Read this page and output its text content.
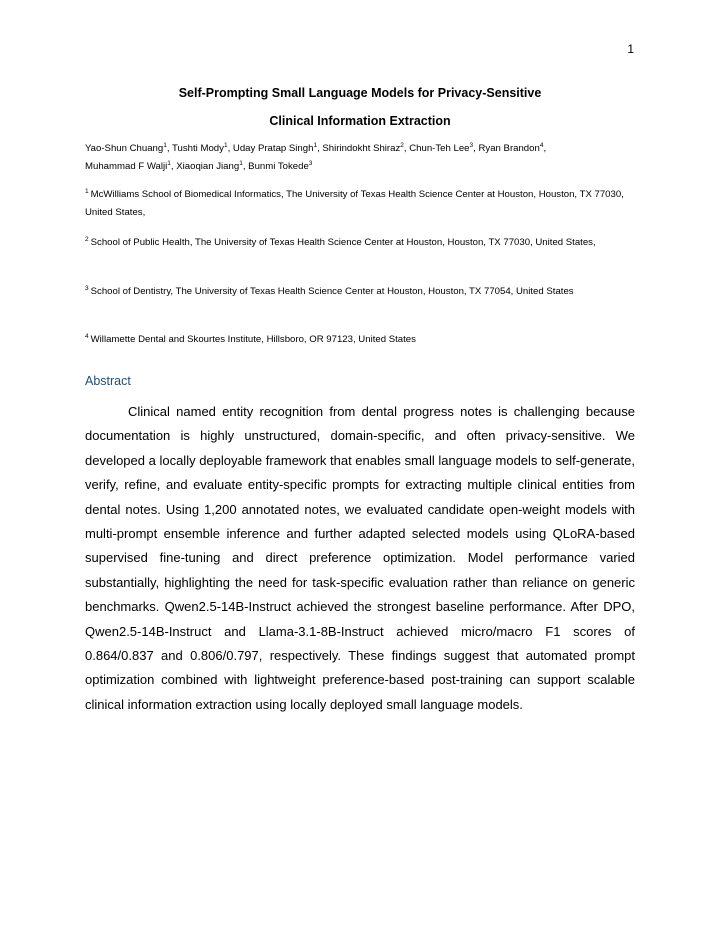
1
Self-Prompting Small Language Models for Privacy-Sensitive
Clinical Information Extraction
Yao-Shun Chuang$^1$, Tushti Mody$^1$, Uday Pratap Singh$^1$, Shirindokht Shiraz$^2$, Chun-Teh Lee$^3$, Ryan Brandon$^4$,
Muhammad F Walji$^1$, Xiaoqian Jiang$^1$, Bunmi Tokede$^3$
$^1$ McWilliams School of Biomedical Informatics, The University of Texas Health Science Center at Houston, Houston, TX 77030, United States,
$^2$ School of Public Health, The University of Texas Health Science Center at Houston, Houston, TX 77030, United States,
$^3$ School of Dentistry, The University of Texas Health Science Center at Houston, Houston, TX 77054, United States
$^4$ Willamette Dental and Skourtes Institute, Hillsboro, OR 97123, United States
Abstract

Clinical named entity recognition from dental progress notes is challenging because documentation is highly unstructured, domain-specific, and often privacy-sensitive. We developed a locally deployable framework that enables small language models to self-generate, verify, refine, and evaluate entity-specific prompts for extracting multiple clinical entities from dental notes. Using 1,200 annotated notes, we evaluated candidate open-weight models with multi-prompt ensemble inference and further adapted selected models using QLoRA-based supervised fine-tuning and direct preference optimization. Model performance varied substantially, highlighting the need for task-specific evaluation rather than reliance on generic benchmarks. Qwen2.5-14B-Instruct achieved the strongest baseline performance. After DPO, Qwen2.5-14B-Instruct and Llama-3.1-8B-Instruct achieved micro/macro F1 scores of 0.864/0.837 and 0.806/0.797, respectively. These findings suggest that automated prompt optimization combined with lightweight preference-based post-training can support scalable clinical information extraction using locally deployed small language models.
